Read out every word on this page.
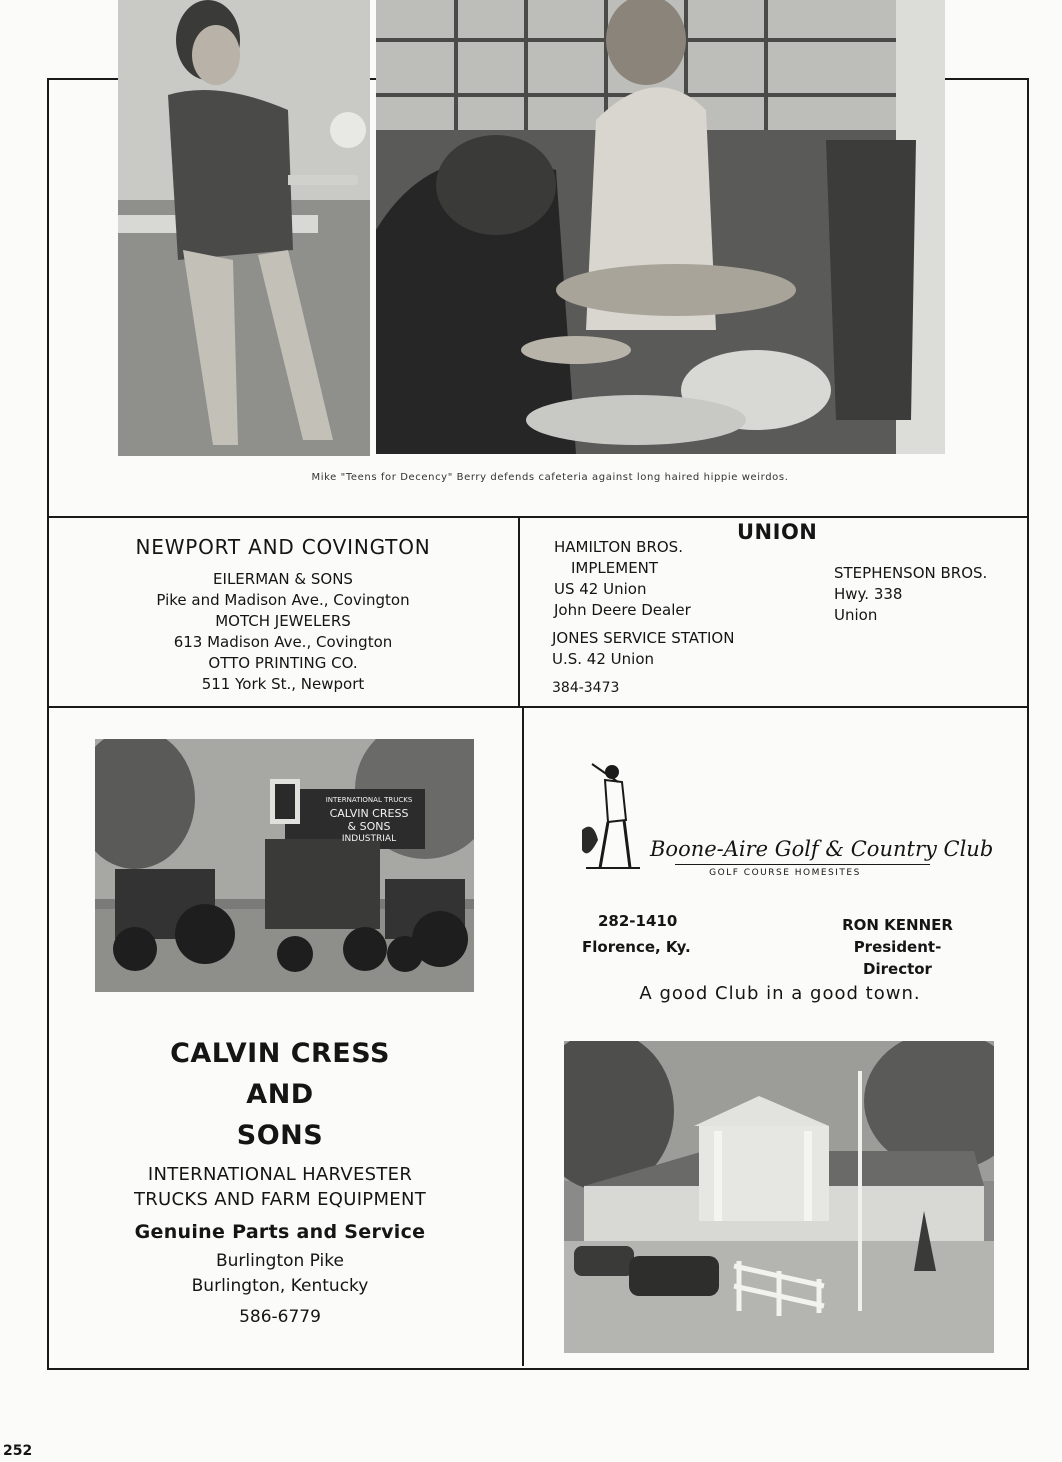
Mike "Teens for Decency" Berry defends cafeteria against long haired hippie weirdos.
NEWPORT AND COVINGTON
EILERMAN & SONS
Pike and Madison Ave., Covington
MOTCH JEWELERS
613 Madison Ave., Covington
OTTO PRINTING CO.
511 York St., Newport
UNION
HAMILTON BROS.
IMPLEMENT
US 42 Union
John Deere Dealer
JONES SERVICE STATION
U.S. 42 Union
384-3473
STEPHENSON BROS.
Hwy. 338
Union
INTERNATIONAL TRUCKS
CALVIN CRESS
& SONS
INDUSTRIAL
CALVIN CRESS
AND
SONS
INTERNATIONAL HARVESTER
TRUCKS AND FARM EQUIPMENT
Genuine Parts and Service
Burlington Pike
Burlington, Kentucky
586-6779
Boone-Aire Golf & Country Club
GOLF COURSE HOMESITES
282-1410
Florence, Ky.
RON KENNER
President-Director
A good Club in a good town.
252
